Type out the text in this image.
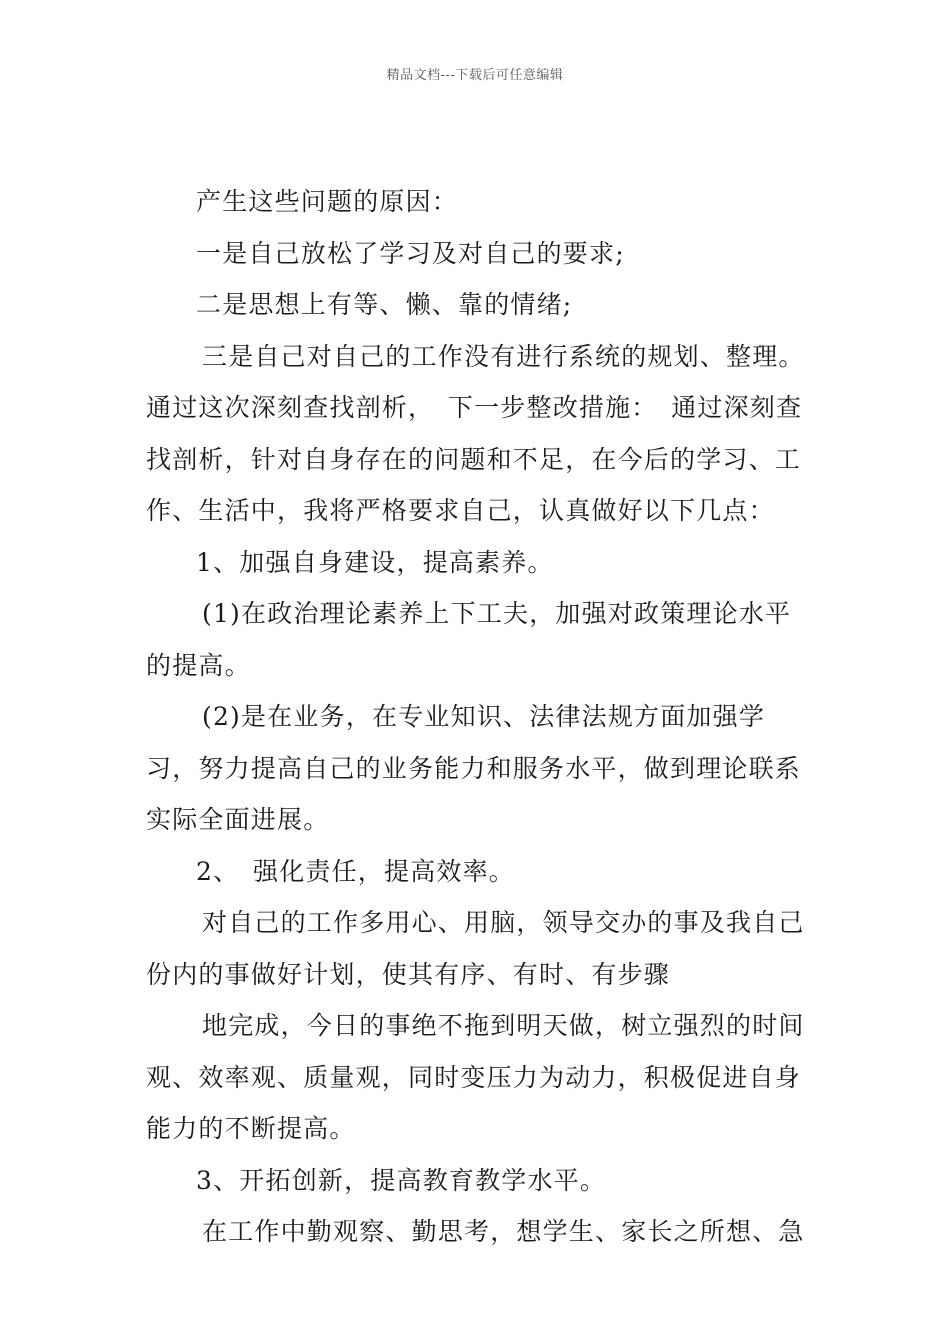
精品文档---下载后可任意编辑

产生这些问题的原因：

一是自己放松了学习及对自己的要求;

二是思想上有等、懒、靠的情绪;

三是自己对自己的工作没有进行系统的规划、整理。通过这次深刻查找剖析，　下一步整改措施：　通过深刻查找剖析，针对自身存在的问题和不足，在今后的学习、工作、生活中，我将严格要求自己，认真做好以下几点：

1、加强自身建设，提高素养。

(1)在政治理论素养上下工夫，加强对政策理论水平的提高。

(2)是在业务，在专业知识、法律法规方面加强学习，努力提高自己的业务能力和服务水平，做到理论联系实际全面进展。

2、　强化责任，提高效率。

对自己的工作多用心、用脑，领导交办的事及我自己份内的事做好计划，使其有序、有时、有步骤

地完成，今日的事绝不拖到明天做，树立强烈的时间观、效率观、质量观，同时变压力为动力，积极促进自身能力的不断提高。

3、开拓创新，提高教育教学水平。

在工作中勤观察、勤思考，想学生、家长之所想、急
